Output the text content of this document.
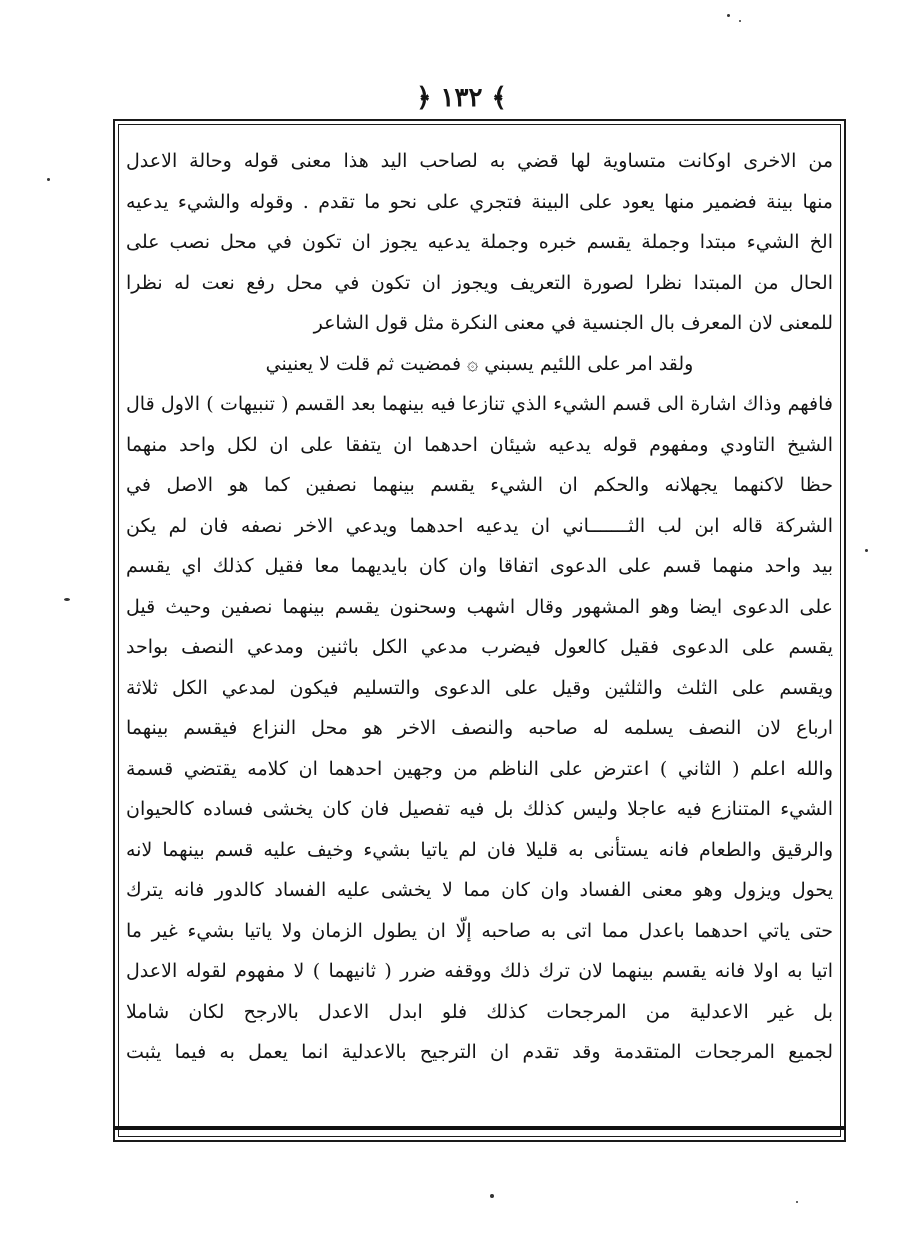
﴿ ١٣٢ ﴾
من الاخرى اوكانت متساوية لها قضي به لصاحب اليد هذا معنى قوله وحالة الاعدل
منها بينة فضمير منها يعود على البينة فتجري على نحو ما تقدم . وقوله والشيء يدعيه
الخ الشيء مبتدا وجملة يقسم خبره وجملة يدعيه يجوز ان تكون في محل نصب على
الحال من المبتدا نظرا لصورة التعريف ويجوز ان تكون في محل رفع نعت له نظرا
للمعنى لان المعرف بال الجنسية في معنى النكرة مثل قول الشاعر
ولقد امر على اللئيم يسبني ۞ فمضيت ثم قلت لا يعنيني
فافهم وذاك اشارة الى قسم الشيء الذي تنازعا فيه بينهما بعد القسم ( تنبيهات ) الاول قال
الشيخ التاودي ومفهوم قوله يدعيه شيئان احدهما ان يتفقا على ان لكل واحد منهما
حظا لاكنهما يجهلانه والحكم ان الشيء يقسم بينهما نصفين كما هو الاصل في
الشركة قاله ابن لب الثـــــــاني ان يدعيه احدهما ويدعي الاخر نصفه فان لم يكن
بيد واحد منهما قسم على الدعوى اتفاقا وان كان بايديهما معا فقيل كذلك اي يقسم
على الدعوى ايضا وهو المشهور وقال اشهب وسحنون يقسم بينهما نصفين وحيث قيل
يقسم على الدعوى فقيل كالعول فيضرب مدعي الكل باثنين ومدعي النصف بواحد
ويقسم على الثلث والثلثين وقيل على الدعوى والتسليم فيكون لمدعي الكل ثلاثة
ارباع لان النصف يسلمه له صاحبه والنصف الاخر هو محل النزاع فيقسم بينهما
والله اعلم ( الثاني ) اعترض على الناظم من وجهين احدهما ان كلامه يقتضي قسمة
الشيء المتنازع فيه عاجلا وليس كذلك بل فيه تفصيل فان كان يخشى فساده كالحيوان
والرقيق والطعام فانه يستأنى به قليلا فان لم ياتيا بشيء وخيف عليه قسم بينهما لانه
يحول ويزول وهو معنى الفساد وان كان مما لا يخشى عليه الفساد كالدور فانه يترك
حتى ياتي احدهما باعدل مما اتى به صاحبه إلّا ان يطول الزمان ولا ياتيا بشيء غير ما
اتيا به اولا فانه يقسم بينهما لان ترك ذلك ووقفه ضرر ( ثانيهما ) لا مفهوم لقوله الاعدل
بل غير الاعدلية من المرجحات كذلك فلو ابدل الاعدل بالارجح لكان شاملا
لجميع المرجحات المتقدمة وقد تقدم ان الترجيح بالاعدلية انما يعمل به فيما يثبت
